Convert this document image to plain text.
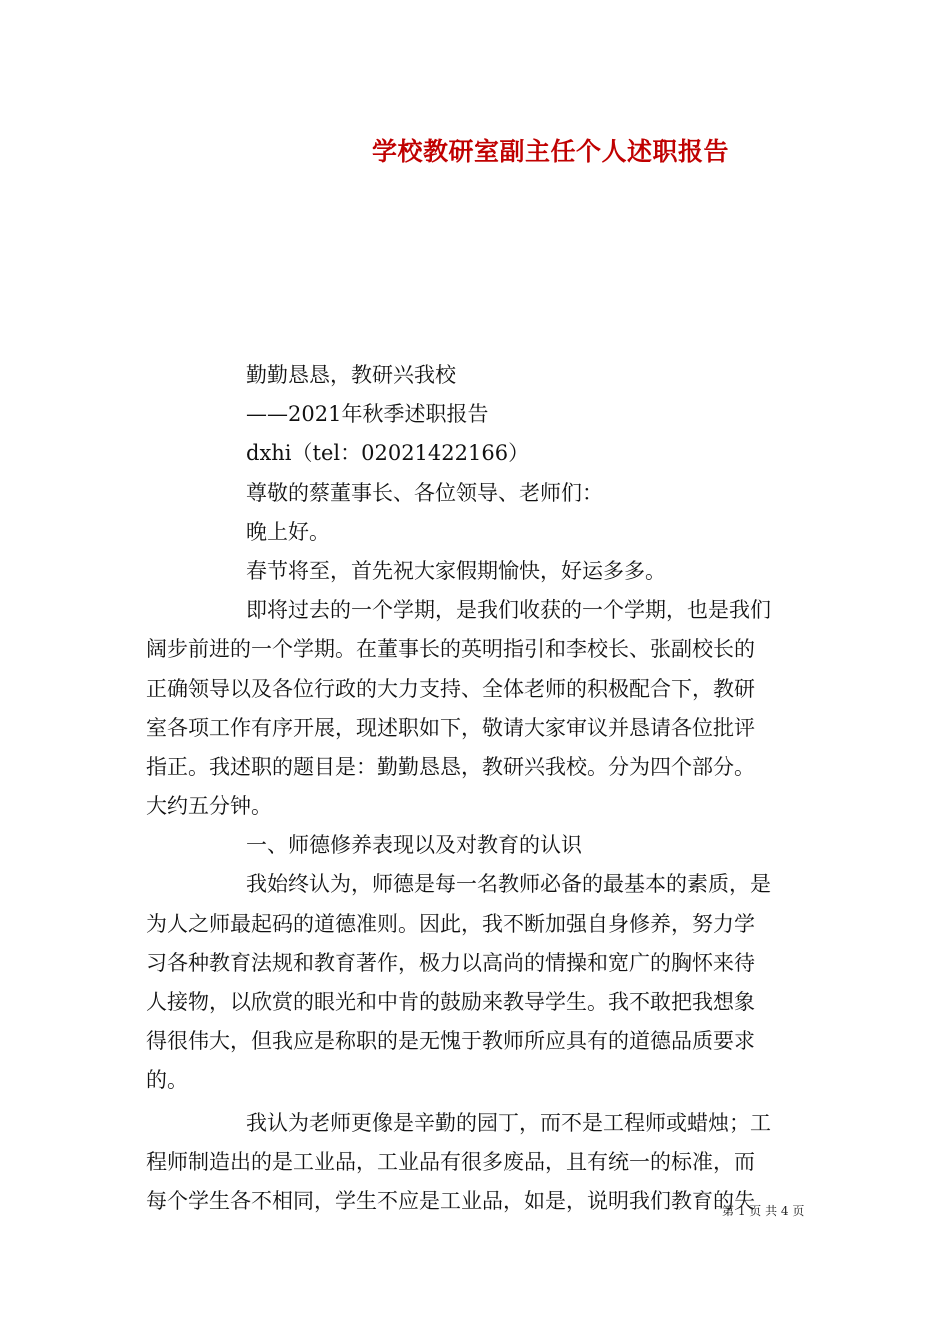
学校教研室副主任个人述职报告
勤勤恳恳，教研兴我校
——2021年秋季述职报告
dxhi（tel：02021422166）
尊敬的蔡董事长、各位领导、老师们：
晚上好。
春节将至，首先祝大家假期愉快，好运多多。
即将过去的一个学期，是我们收获的一个学期，也是我们
阔步前进的一个学期。在董事长的英明指引和李校长、张副校长的
正确领导以及各位行政的大力支持、全体老师的积极配合下，教研
室各项工作有序开展，现述职如下，敬请大家审议并恳请各位批评
指正。我述职的题目是：勤勤恳恳，教研兴我校。分为四个部分。
大约五分钟。
一、师德修养表现以及对教育的认识
我始终认为，师德是每一名教师必备的最基本的素质，是
为人之师最起码的道德准则。因此，我不断加强自身修养，努力学
习各种教育法规和教育著作，极力以高尚的情操和宽广的胸怀来待
人接物，以欣赏的眼光和中肯的鼓励来教导学生。我不敢把我想象
得很伟大，但我应是称职的是无愧于教师所应具有的道德品质要求
的。
我认为老师更像是辛勤的园丁，而不是工程师或蜡烛；工
程师制造出的是工业品，工业品有很多废品，且有统一的标准，而
每个学生各不相同，学生不应是工业品，如是，说明我们教育的失
第 1 页 共 4 页
